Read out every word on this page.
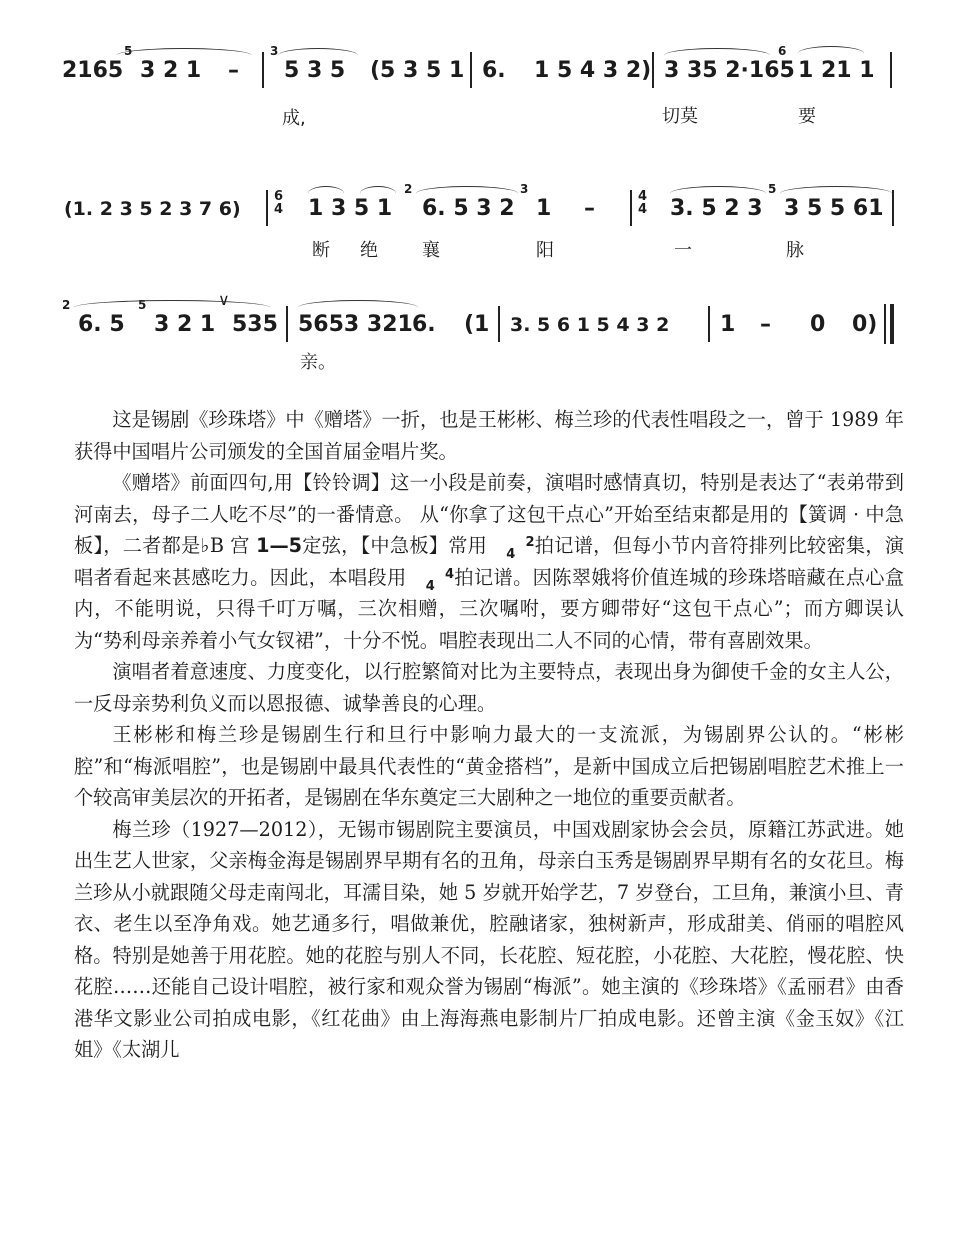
2165
5
3 2 1 –
3
5 3 5 (5 3 5 1 6. 1 5 4 3 2) 3 35 2·165
6
1 21 1
成,	切莫	要
(1. 2 3 5 2 3 7 6)
6
4 1 3 5 1
2
6. 5 3 2
3
1 –	4
4 3. 5 2 3
5
3 5 5 61
断 绝 襄	阳	一	脉
2
6. 5
5
3 2 1 535 5653 321 6. (1 3. 5 6 1 5 4 3 2 1 – 0 0)
∨
亲。

这是锡剧《珍珠塔》中《赠塔》一折，也是王彬彬、梅兰珍的代表性唱段之一，曾于 1989 年获得中国唱片公司颁发的全国首届金唱片奖。

《赠塔》前面四句,用【铃铃调】这一小段是前奏，演唱时感情真切，特别是表达了“表弟带到河南去，母子二人吃不尽”的一番情意。 从“你拿了这包干点心”开始至结束都是用的【簧调 · 中急板】，二者都是♭B 宫 1—5定弦，【中急板】常用	2
4 拍记谱，但每小节内音符排列比较密集，演唱者看起来甚感吃力。因此，本唱段用	4
4 拍记谱。因陈翠娥将价值连城的珍珠塔暗藏在点心盒内，不能明说，只得千叮万嘱，三次相赠，三次嘱咐，要方卿带好“这包干点心”；而方卿误认为“势利母亲养着小气女钗裙”，十分不悦。唱腔表现出二人不同的心情，带有喜剧效果。

演唱者着意速度、力度变化，以行腔繁简对比为主要特点，表现出身为御使千金的女主人公，一反母亲势利负义而以恩报德、诚挚善良的心理。

王彬彬和梅兰珍是锡剧生行和旦行中影响力最大的一支流派，为锡剧界公认的。“彬彬腔”和“梅派唱腔”，也是锡剧中最具代表性的“黄金搭档”，是新中国成立后把锡剧唱腔艺术推上一个较高审美层次的开拓者，是锡剧在华东奠定三大剧种之一地位的重要贡献者。

梅兰珍（1927—2012），无锡市锡剧院主要演员，中国戏剧家协会会员，原籍江苏武进。她出生艺人世家，父亲梅金海是锡剧界早期有名的丑角，母亲白玉秀是锡剧界早期有名的女花旦。梅兰珍从小就跟随父母走南闯北，耳濡目染，她 5 岁就开始学艺，7 岁登台，工旦角，兼演小旦、青衣、老生以至净角戏。她艺通多行，唱做兼优，腔融诸家，独树新声，形成甜美、俏丽的唱腔风格。特别是她善于用花腔。她的花腔与别人不同，长花腔、短花腔，小花腔、大花腔，慢花腔、快花腔……还能自己设计唱腔，被行家和观众誉为锡剧“梅派”。她主演的《珍珠塔》《孟丽君》由香港华文影业公司拍成电影，《红花曲》由上海海燕电影制片厂拍成电影。还曾主演《金玉奴》《江姐》《太湖儿
